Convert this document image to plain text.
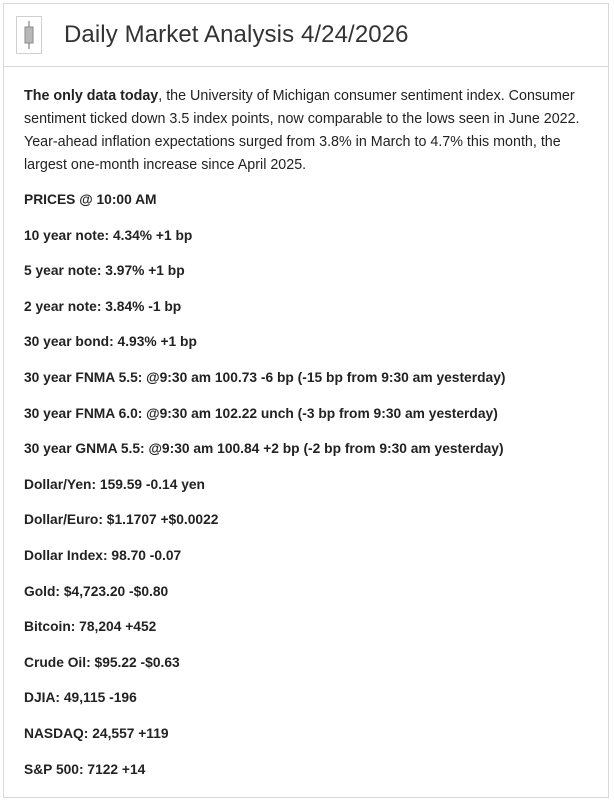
Daily Market Analysis 4/24/2026

The only data today, the University of Michigan consumer sentiment index. Consumer sentiment ticked down 3.5 index points, now comparable to the lows seen in June 2022. Year-ahead inflation expectations surged from 3.8% in March to 4.7% this month, the largest one-month increase since April 2025.

PRICES @ 10:00 AM
10 year note: 4.34% +1 bp
5 year note: 3.97% +1 bp
2 year note: 3.84% -1 bp
30 year bond: 4.93% +1 bp
30 year FNMA 5.5: @9:30 am 100.73 -6 bp (-15 bp from 9:30 am yesterday)
30 year FNMA 6.0: @9:30 am 102.22 unch (-3 bp from 9:30 am yesterday)
30 year GNMA 5.5: @9:30 am 100.84 +2 bp (-2 bp from 9:30 am yesterday)
Dollar/Yen: 159.59 -0.14 yen
Dollar/Euro: $1.1707 +$0.0022
Dollar Index: 98.70 -0.07
Gold: $4,723.20 -$0.80
Bitcoin: 78,204 +452
Crude Oil: $95.22 -$0.63
DJIA: 49,115 -196
NASDAQ: 24,557 +119
S&P 500: 7122 +14
